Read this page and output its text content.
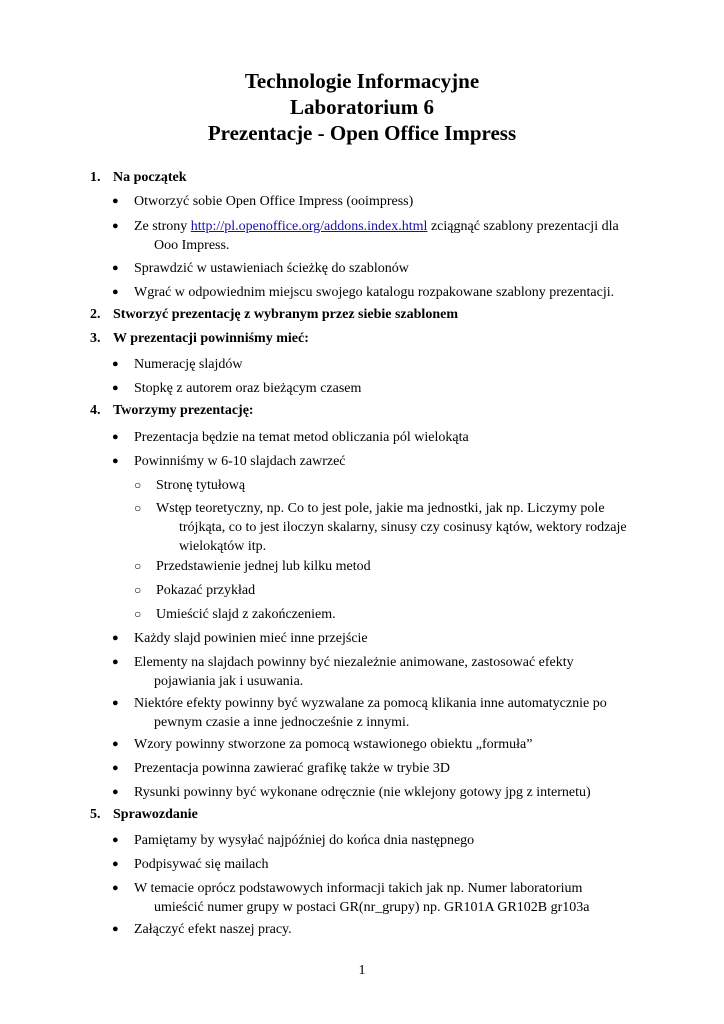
Technologie Informacyjne
Laboratorium 6
Prezentacje - Open Office Impress
1. Na początek
● Otworzyć sobie Open Office Impress (ooimpress)
● Ze strony http://pl.openoffice.org/addons.index.html zciągnąć szablony prezentacji dla
Ooo Impress.
● Sprawdzić w ustawieniach ścieżkę do szablonów
● Wgrać w odpowiednim miejscu swojego katalogu rozpakowane szablony prezentacji.
2. Stworzyć prezentację z wybranym przez siebie szablonem
3. W prezentacji powinniśmy mieć:
● Numerację slajdów
● Stopkę z autorem oraz bieżącym czasem
4. Tworzymy prezentację:
● Prezentacja będzie na temat metod obliczania pól wielokąta
● Powinniśmy w 6-10 slajdach zawrzeć
○ Stronę tytułową
○ Wstęp teoretyczny, np. Co to jest pole, jakie ma jednostki, jak np. Liczymy pole
trójkąta, co to jest iloczyn skalarny, sinusy czy cosinusy kątów, wektory rodzaje
wielokątów itp.
○ Przedstawienie jednej lub kilku metod
○ Pokazać przykład
○ Umieścić slajd z zakończeniem.
● Każdy slajd powinien mieć inne przejście
● Elementy na slajdach powinny być niezależnie animowane, zastosować efekty
pojawiania jak i usuwania.
● Niektóre efekty powinny być wyzwalane za pomocą klikania inne automatycznie po
pewnym czasie a inne jednocześnie z innymi.
● Wzory powinny stworzone za pomocą wstawionego obiektu „formuła”
● Prezentacja powinna zawierać grafikę także w trybie 3D
● Rysunki powinny być wykonane odręcznie (nie wklejony gotowy jpg z internetu)
5. Sprawozdanie
● Pamiętamy by wysyłać najpóźniej do końca dnia następnego
● Podpisywać się mailach
● W temacie oprócz podstawowych informacji takich jak np. Numer laboratorium
umieścić numer grupy w postaci GR(nr_grupy) np. GR101A GR102B gr103a
● Załączyć efekt naszej pracy.
1
